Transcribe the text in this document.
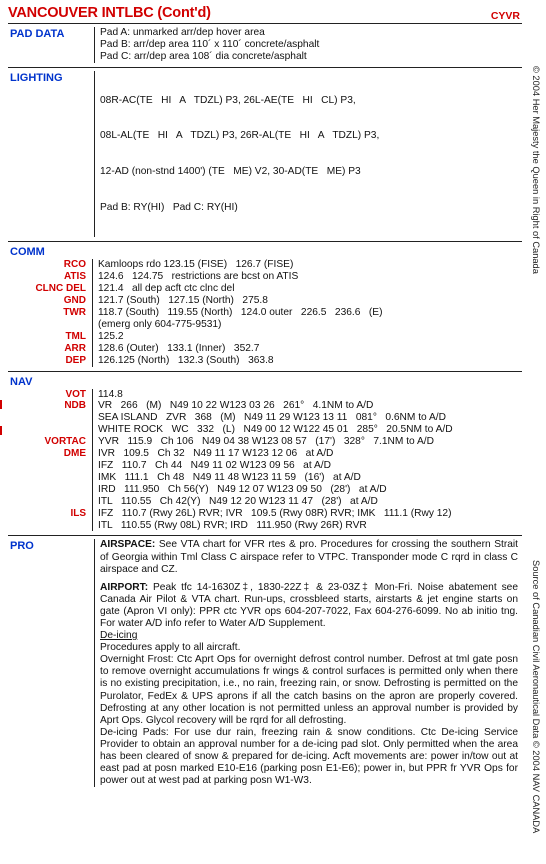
VANCOUVER INTLBC (Cont'd)	CYVR
PAD DATA	Pad A: unmarked arr/dep hover area
Pad B: arr/dep area 110´ x 110´ concrete/asphalt
Pad C: arr/dep area 108´ dia concrete/asphalt
LIGHTING

08R-AC(TE   HI   A   TDZL) P3, 26L-AE(TE   HI   CL) P3,

08L-AL(TE   HI   A   TDZL) P3, 26R-AL(TE   HI   A   TDZL) P3,

12-AD (non-stnd 1400') (TE   ME) V2, 30-AD(TE   ME) P3

Pad B: RY(HI)   Pad C: RY(HI)

COMM
RCO	Kamloops rdo 123.15 (FISE)   126.7 (FISE)
ATIS	124.6   124.75   restrictions are bcst on ATIS
CLNC DEL	121.4   all dep acft ctc clnc del
GND	121.7 (South)   127.15 (North)   275.8
TWR	118.7 (South)   119.55 (North)   124.0 outer   226.5   236.6   (E)
(emerg only 604-775-9531)
TML	125.2
ARR	128.6 (Outer)   133.1 (Inner)   352.7
DEP	126.125 (North)   132.3 (South)   363.8
NAV
VOT	114.8
NDB	VR   266   (M)   N49 10 22 W123 03 26   261°   4.1NM to A/D
SEA ISLAND   ZVR   368   (M)   N49 11 29 W123 13 11   081°   0.6NM to A/D
WHITE ROCK   WC   332   (L)   N49 00 12 W122 45 01   285°   20.5NM to A/D
VORTAC	YVR   115.9   Ch 106   N49 04 38 W123 08 57   (17')   328°   7.1NM to A/D
DME	IVR   109.5   Ch 32   N49 11 17 W123 12 06   at A/D
IFZ   110.7   Ch 44   N49 11 02 W123 09 56   at A/D
IMK   111.1   Ch 48   N49 11 48 W123 11 59   (16')   at A/D
IRD   111.950   Ch 56(Y)   N49 12 07 W123 09 50   (28')   at A/D
ITL   110.55   Ch 42(Y)   N49 12 20 W123 11 47   (28')   at A/D
ILS	IFZ   110.7 (Rwy 26L) RVR; IVR   109.5 (Rwy 08R) RVR; IMK   111.1 (Rwy 12)
ITL   110.55 (Rwy 08L) RVR; IRD   111.950 (Rwy 26R) RVR
PRO	AIRSPACE: See VTA chart for VFR rtes & pro. Procedures for crossing the southern Strait of Georgia within Tml Class C airspace refer to VTPC. Transponder mode C rqrd in class C airspace and CZ.

AIRPORT: Peak tfc 14-1630Z‡, 1830-22Z‡ & 23-03Z‡ Mon-Fri. Noise abatement see Canada Air Pilot & VTA chart. Run-ups, crossbleed starts, airstarts & jet engine starts on gate (Apron VI only): PPR ctc YVR ops 604-207-7022, Fax 604-276-6099. No ab initio tng. For water A/D info refer to Water A/D Supplement.

De-icing
Procedures apply to all aircraft.
Overnight Frost: Ctc Aprt Ops for overnight defrost control number. Defrost at tml gate posn to remove overnight accumulations fr wings & control surfaces is permitted only when there is no existing precipitation, i.e., no rain, freezing rain, or snow. Defrosting is permitted on the Purolator, FedEx & UPS aprons if all the catch basins on the apron are properly covered. Defrosting at any other location is not permitted unless an approval number is provided by Aprt Ops. Glycol recovery will be rqrd for all defrosting.
De-icing Pads: For use dur rain, freezing rain & snow conditions. Ctc De-icing Service Provider to obtain an approval number for a de-icing pad slot. Only permitted when the area has been cleared of snow & prepared for de-icing. Acft movements are: power in/tow out at east pad at posn marked E10-E16 (parking posn E1-E6); power in, but PPR fr YVR Ops for power out at west pad at parking posn W1-W3.
© 2004 Her Majesty the Queen in Right of Canada
Source of Canadian Civil Aeronautical Data © 2004 NAV CANADA
